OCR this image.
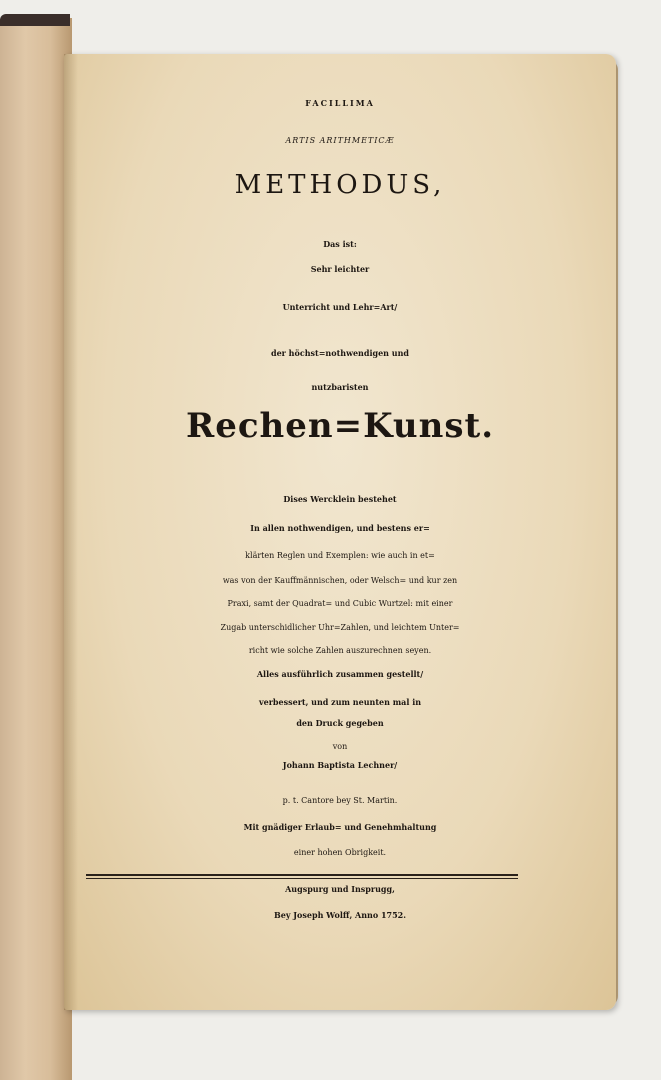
FACILLIMA
ARTIS ARITHMETICÆ
METHODUS,
Das ist:
Sehr leichter
Unterricht und Lehr=Art/
der höchst=nothwendigen und
nutzbaristen
Rechen=Kunst.
Dises Wercklein bestehet
In allen nothwendigen, und bestens er=
klärten Reglen und Exemplen: wie auch in et=
was von der Kauffmännischen, oder Welsch= und kur zen
Praxi, samt der Quadrat= und Cubic Wurtzel: mit einer
Zugab unterschidlicher Uhr=Zahlen, und leichtem Unter=
richt wie solche Zahlen auszurechnen seyen.
Alles ausführlich zusammen gestellt/
verbessert, und zum neunten mal in
den Druck gegeben
von
Johann Baptista Lechner/
p. t. Cantore bey St. Martin.
Mit gnädiger Erlaub= und Genehmhaltung
einer hohen Obrigkeit.
Augspurg und Insprugg,
Bey Joseph Wolff, Anno 1752.
